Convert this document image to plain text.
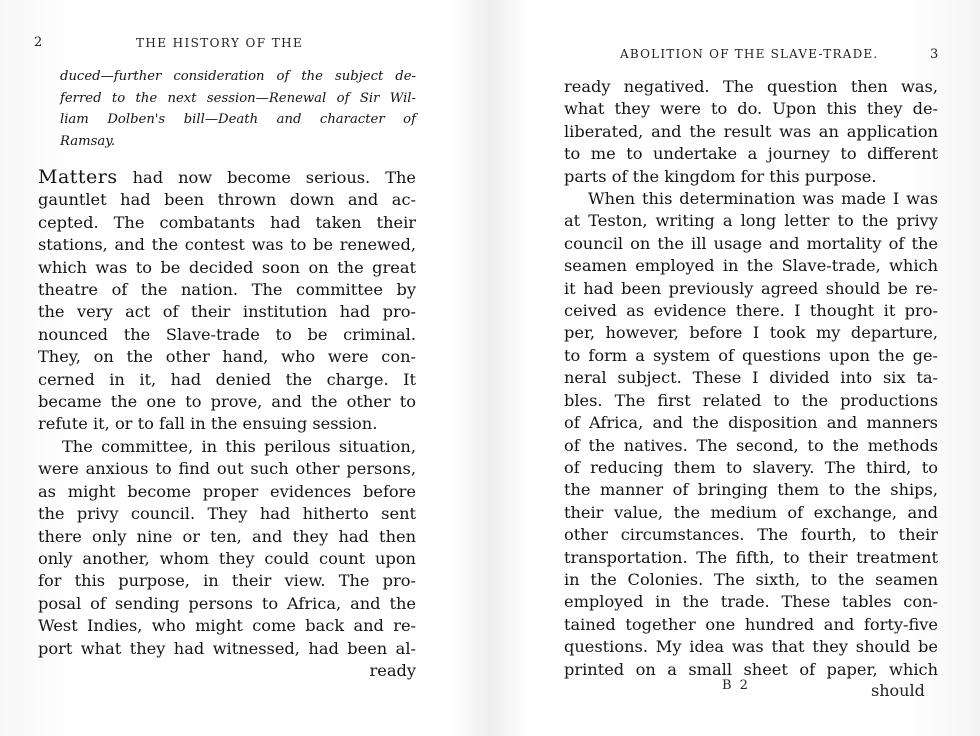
2	THE HISTORY OF THE

duced—further consideration of the subject de-
ferred to the next session—Renewal of Sir Wil-
liam Dolben's bill—Death and character of
Ramsay.

Matters had now become serious. The
gauntlet had been thrown down and ac-
cepted. The combatants had taken their
stations, and the contest was to be renewed,
which was to be decided soon on the great
theatre of the nation. The committee by
the very act of their institution had pro-
nounced the Slave-trade to be criminal.
They, on the other hand, who were con-
cerned in it, had denied the charge. It
became the one to prove, and the other to
refute it, or to fall in the ensuing session.
The committee, in this perilous situation,
were anxious to find out such other persons,
as might become proper evidences before
the privy council. They had hitherto sent
there only nine or ten, and they had then
only another, whom they could count upon
for this purpose, in their view. The pro-
posal of sending persons to Africa, and the
West Indies, who might come back and re-
port what they had witnessed, had been al-
ready
ABOLITION OF THE SLAVE-TRADE.	3
ready negatived. The question then was,
what they were to do. Upon this they de-
liberated, and the result was an application
to me to undertake a journey to different
parts of the kingdom for this purpose.
When this determination was made I was
at Teston, writing a long letter to the privy
council on the ill usage and mortality of the
seamen employed in the Slave-trade, which
it had been previously agreed should be re-
ceived as evidence there. I thought it pro-
per, however, before I took my departure,
to form a system of questions upon the ge-
neral subject. These I divided into six ta-
bles. The first related to the productions
of Africa, and the disposition and manners
of the natives. The second, to the methods
of reducing them to slavery. The third, to
the manner of bringing them to the ships,
their value, the medium of exchange, and
other circumstances. The fourth, to their
transportation. The fifth, to their treatment
in the Colonies. The sixth, to the seamen
employed in the trade. These tables con-
tained together one hundred and forty-five
questions. My idea was that they should be
printed on a small sheet of paper, which
B 2	should
